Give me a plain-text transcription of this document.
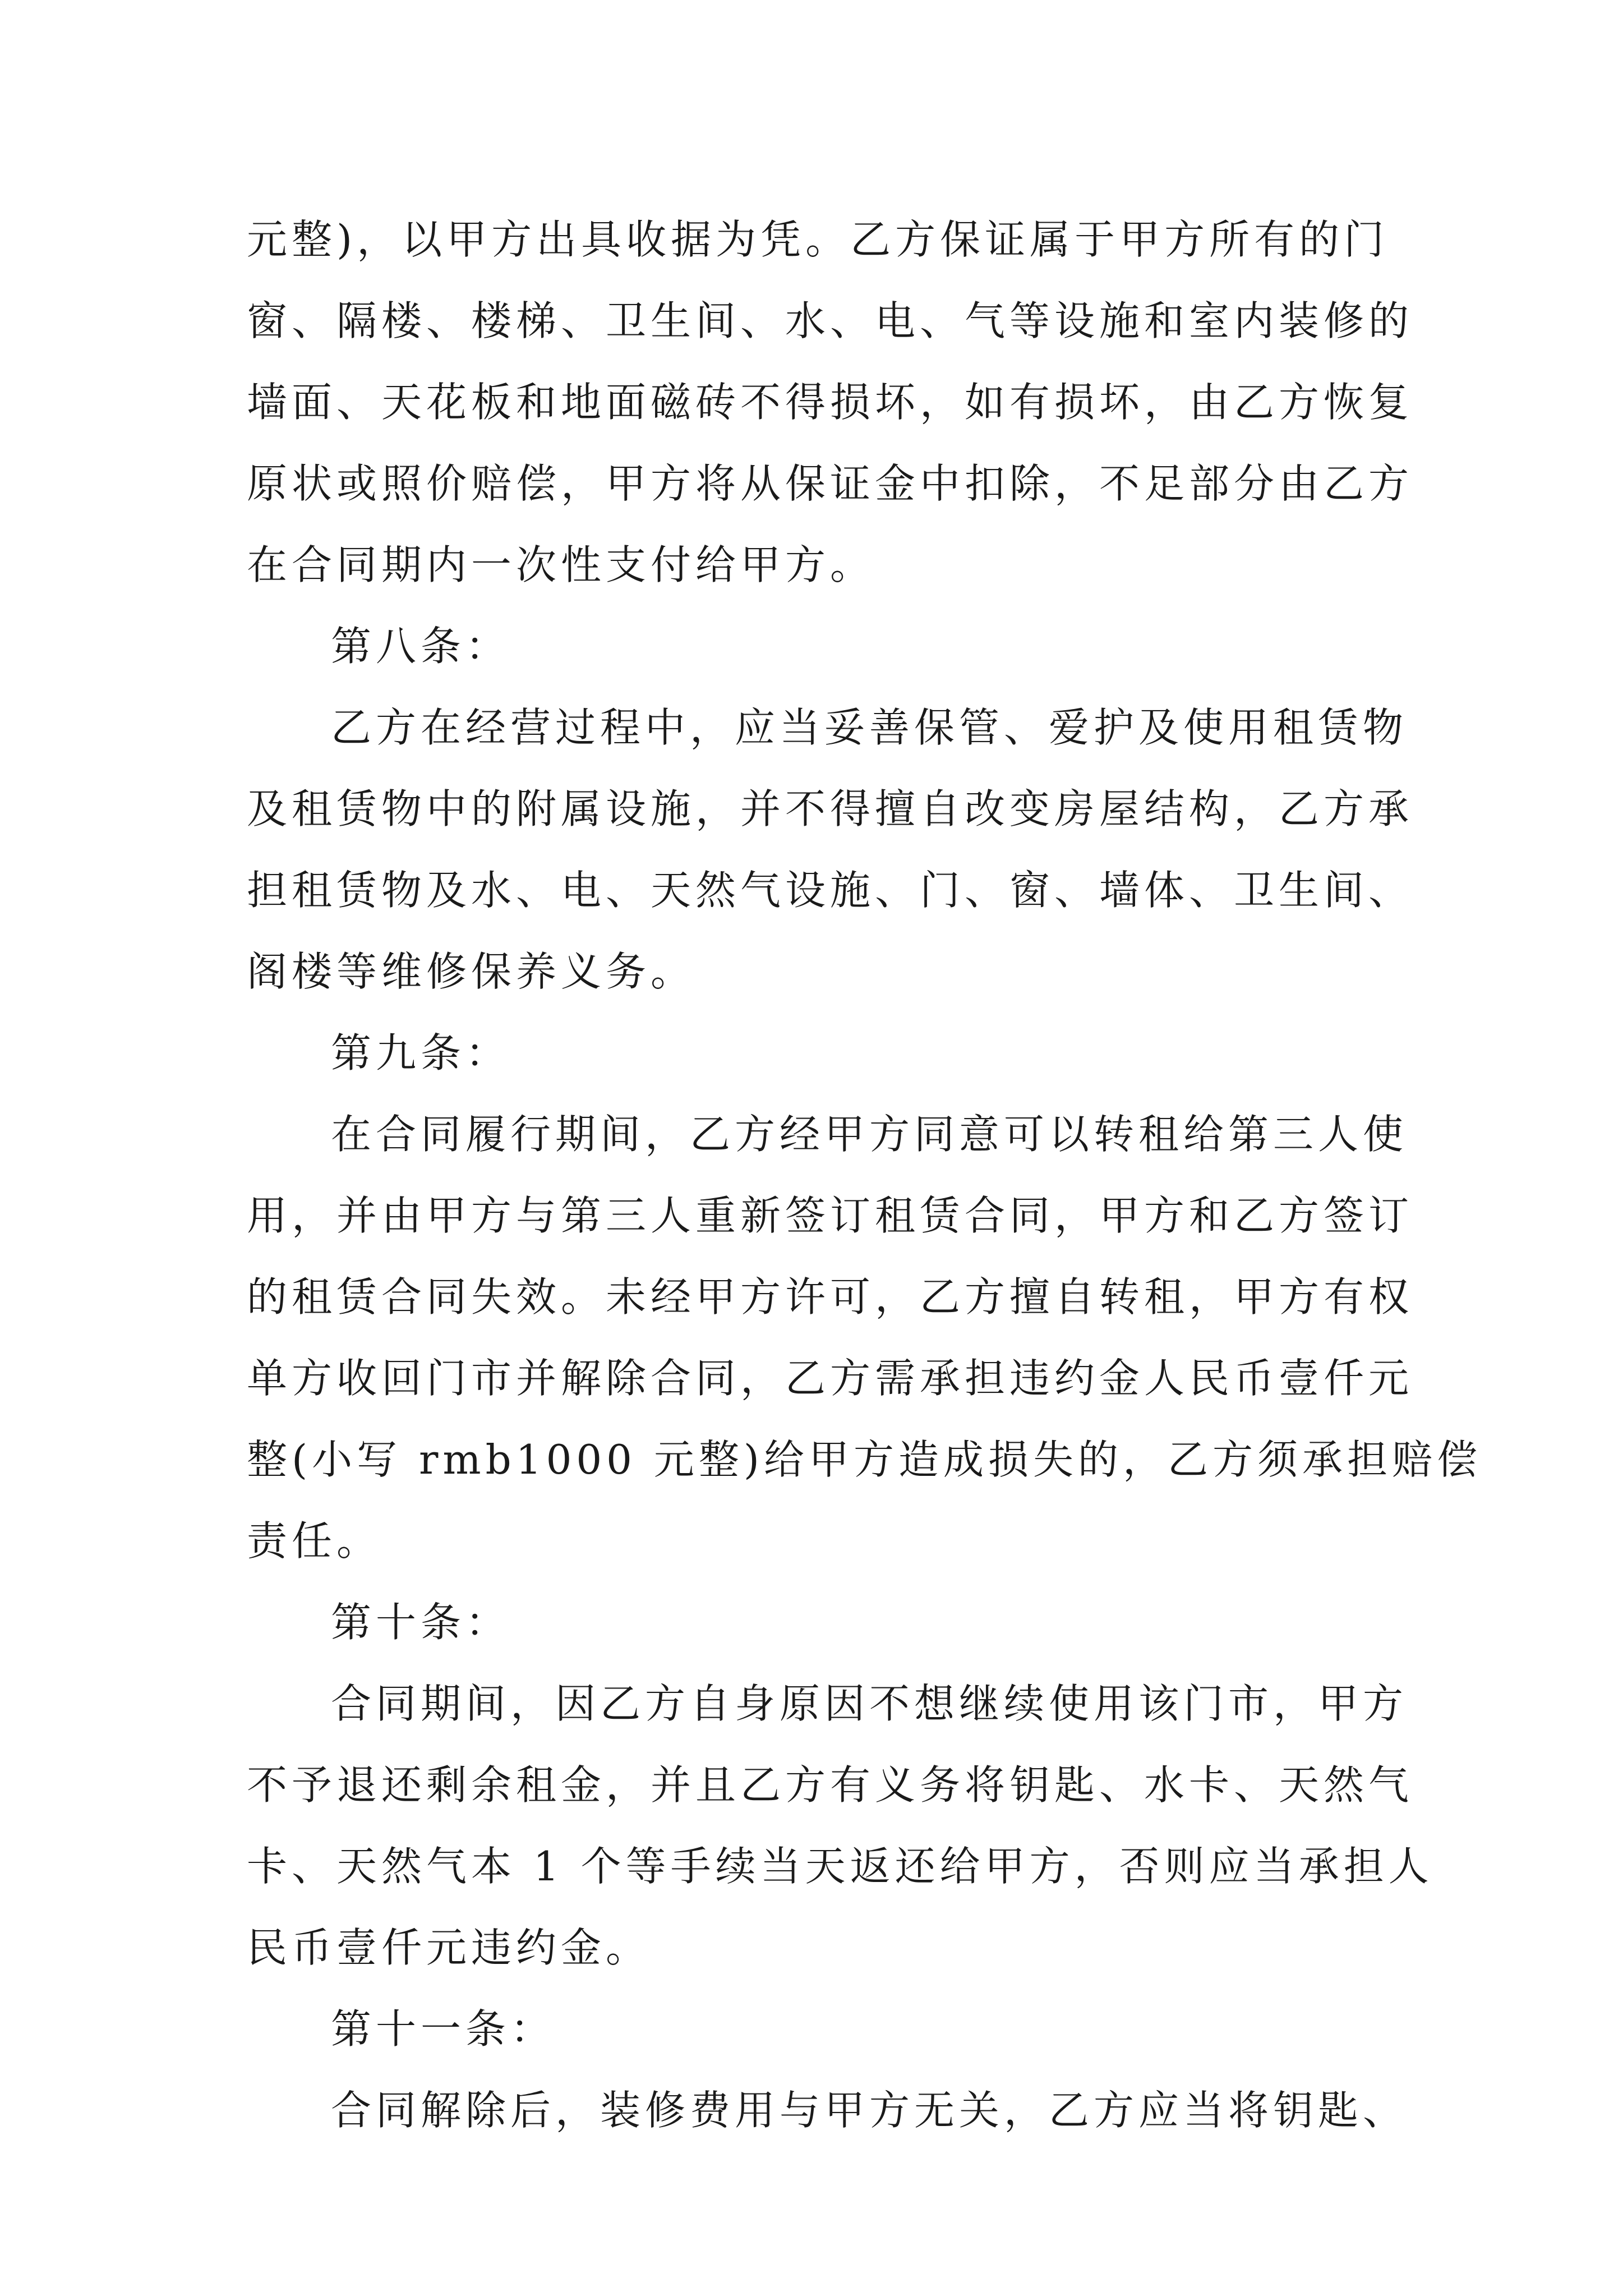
元整)，以甲方出具收据为凭。乙方保证属于甲方所有的门
窗、隔楼、楼梯、卫生间、水、电、气等设施和室内装修的
墙面、天花板和地面磁砖不得损坏，如有损坏，由乙方恢复
原状或照价赔偿，甲方将从保证金中扣除，不足部分由乙方
在合同期内一次性支付给甲方。
第八条：
乙方在经营过程中，应当妥善保管、爱护及使用租赁物
及租赁物中的附属设施，并不得擅自改变房屋结构，乙方承
担租赁物及水、电、天然气设施、门、窗、墙体、卫生间、
阁楼等维修保养义务。
第九条：
在合同履行期间，乙方经甲方同意可以转租给第三人使
用，并由甲方与第三人重新签订租赁合同，甲方和乙方签订
的租赁合同失效。未经甲方许可，乙方擅自转租，甲方有权
单方收回门市并解除合同，乙方需承担违约金人民币壹仟元
整(小写 rmb1000 元整)给甲方造成损失的，乙方须承担赔偿
责任。
第十条：
合同期间，因乙方自身原因不想继续使用该门市，甲方
不予退还剩余租金，并且乙方有义务将钥匙、水卡、天然气
卡、天然气本 1 个等手续当天返还给甲方，否则应当承担人
民币壹仟元违约金。
第十一条：
合同解除后，装修费用与甲方无关，乙方应当将钥匙、
